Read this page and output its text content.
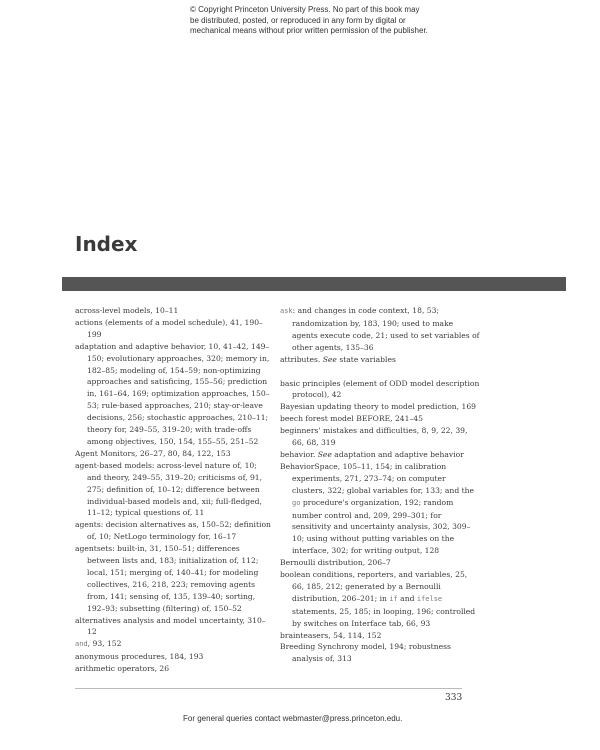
© Copyright Princeton University Press. No part of this book may be distributed, posted, or reproduced in any form by digital or mechanical means without prior written permission of the publisher.
Index
across-level models, 10–11
actions (elements of a model schedule), 41, 190–199
adaptation and adaptive behavior, 10, 41–42, 149–150; evolutionary approaches, 320; memory in, 182–85; modeling of, 154–59; non-optimizing approaches and satisficing, 155–56; prediction in, 161–64, 169; optimization approaches, 150–53; rule-based approaches, 210; stay-or-leave decisions, 256; stochastic approaches, 210–11; theory for, 249–55, 319–20; with trade-offs among objectives, 150, 154, 155–55, 251–52
Agent Monitors, 26–27, 80, 84, 122, 153
agent-based models: across-level nature of, 10; and theory, 249–55, 319–20; criticisms of, 91, 275; definition of, 10–12; difference between individual-based models and, xii; full-fledged, 11–12; typical questions of, 11
agents: decision alternatives as, 150–52; definition of, 10; NetLogo terminology for, 16–17
agentsets: built-in, 31, 150–51; differences between lists and, 183; initialization of, 112; local, 151; merging of, 140–41; for modeling collectives, 216, 218, 223; removing agents from, 141; sensing of, 135, 139–40; sorting, 192–93; subsetting (filtering) of, 150–52
alternatives analysis and model uncertainty, 310–12
and, 93, 152
anonymous procedures, 184, 193
arithmetic operators, 26
ask: and changes in code context, 18, 53; randomization by, 183, 190; used to make agents execute code, 21; used to set variables of other agents, 135–36
attributes. See state variables
basic principles (element of ODD model description protocol), 42
Bayesian updating theory to model prediction, 169
beech forest model BEFORE, 241–45
beginners' mistakes and difficulties, 8, 9, 22, 39, 66, 68, 319
behavior. See adaptation and adaptive behavior
BehaviorSpace, 105–11, 154; in calibration experiments, 271, 273–74; on computer clusters, 322; global variables for, 133; and the go procedure's organization, 192; random number control and, 209, 299–301; for sensitivity and uncertainty analysis, 302, 309–10; using without putting variables on the interface, 302; for writing output, 128
Bernoulli distribution, 206–7
boolean conditions, reporters, and variables, 25, 66, 185, 212; generated by a Bernoulli distribution, 206–201; in if and ifelse statements, 25, 185; in looping, 196; controlled by switches on Interface tab, 66, 93
brainteasers, 54, 114, 152
Breeding Synchrony model, 194; robustness analysis of, 313
333
For general queries contact webmaster@press.princeton.edu.
